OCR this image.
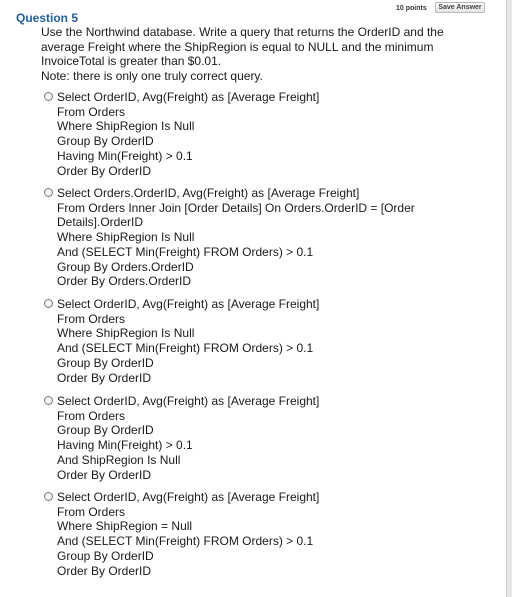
10 points	Save Answer
Question 5
Use the Northwind database. Write a query that returns the OrderID and the
average Freight where the ShipRegion is equal to NULL and the minimum
InvoiceTotal is greater than $0.01.
Note: there is only one truly correct query.
Select OrderID, Avg(Freight) as [Average Freight]
From Orders
Where ShipRegion Is Null
Group By OrderID
Having Min(Freight) > 0.1
Order By OrderID
Select Orders.OrderID, Avg(Freight) as [Average Freight]
From Orders Inner Join [Order Details] On Orders.OrderID = [Order
Details].OrderID
Where ShipRegion Is Null
And (SELECT Min(Freight) FROM Orders) > 0.1
Group By Orders.OrderID
Order By Orders.OrderID
Select OrderID, Avg(Freight) as [Average Freight]
From Orders
Where ShipRegion Is Null
And (SELECT Min(Freight) FROM Orders) > 0.1
Group By OrderID
Order By OrderID
Select OrderID, Avg(Freight) as [Average Freight]
From Orders
Group By OrderID
Having Min(Freight) > 0.1
And ShipRegion Is Null
Order By OrderID
Select OrderID, Avg(Freight) as [Average Freight]
From Orders
Where ShipRegion = Null
And (SELECT Min(Freight) FROM Orders) > 0.1
Group By OrderID
Order By OrderID
